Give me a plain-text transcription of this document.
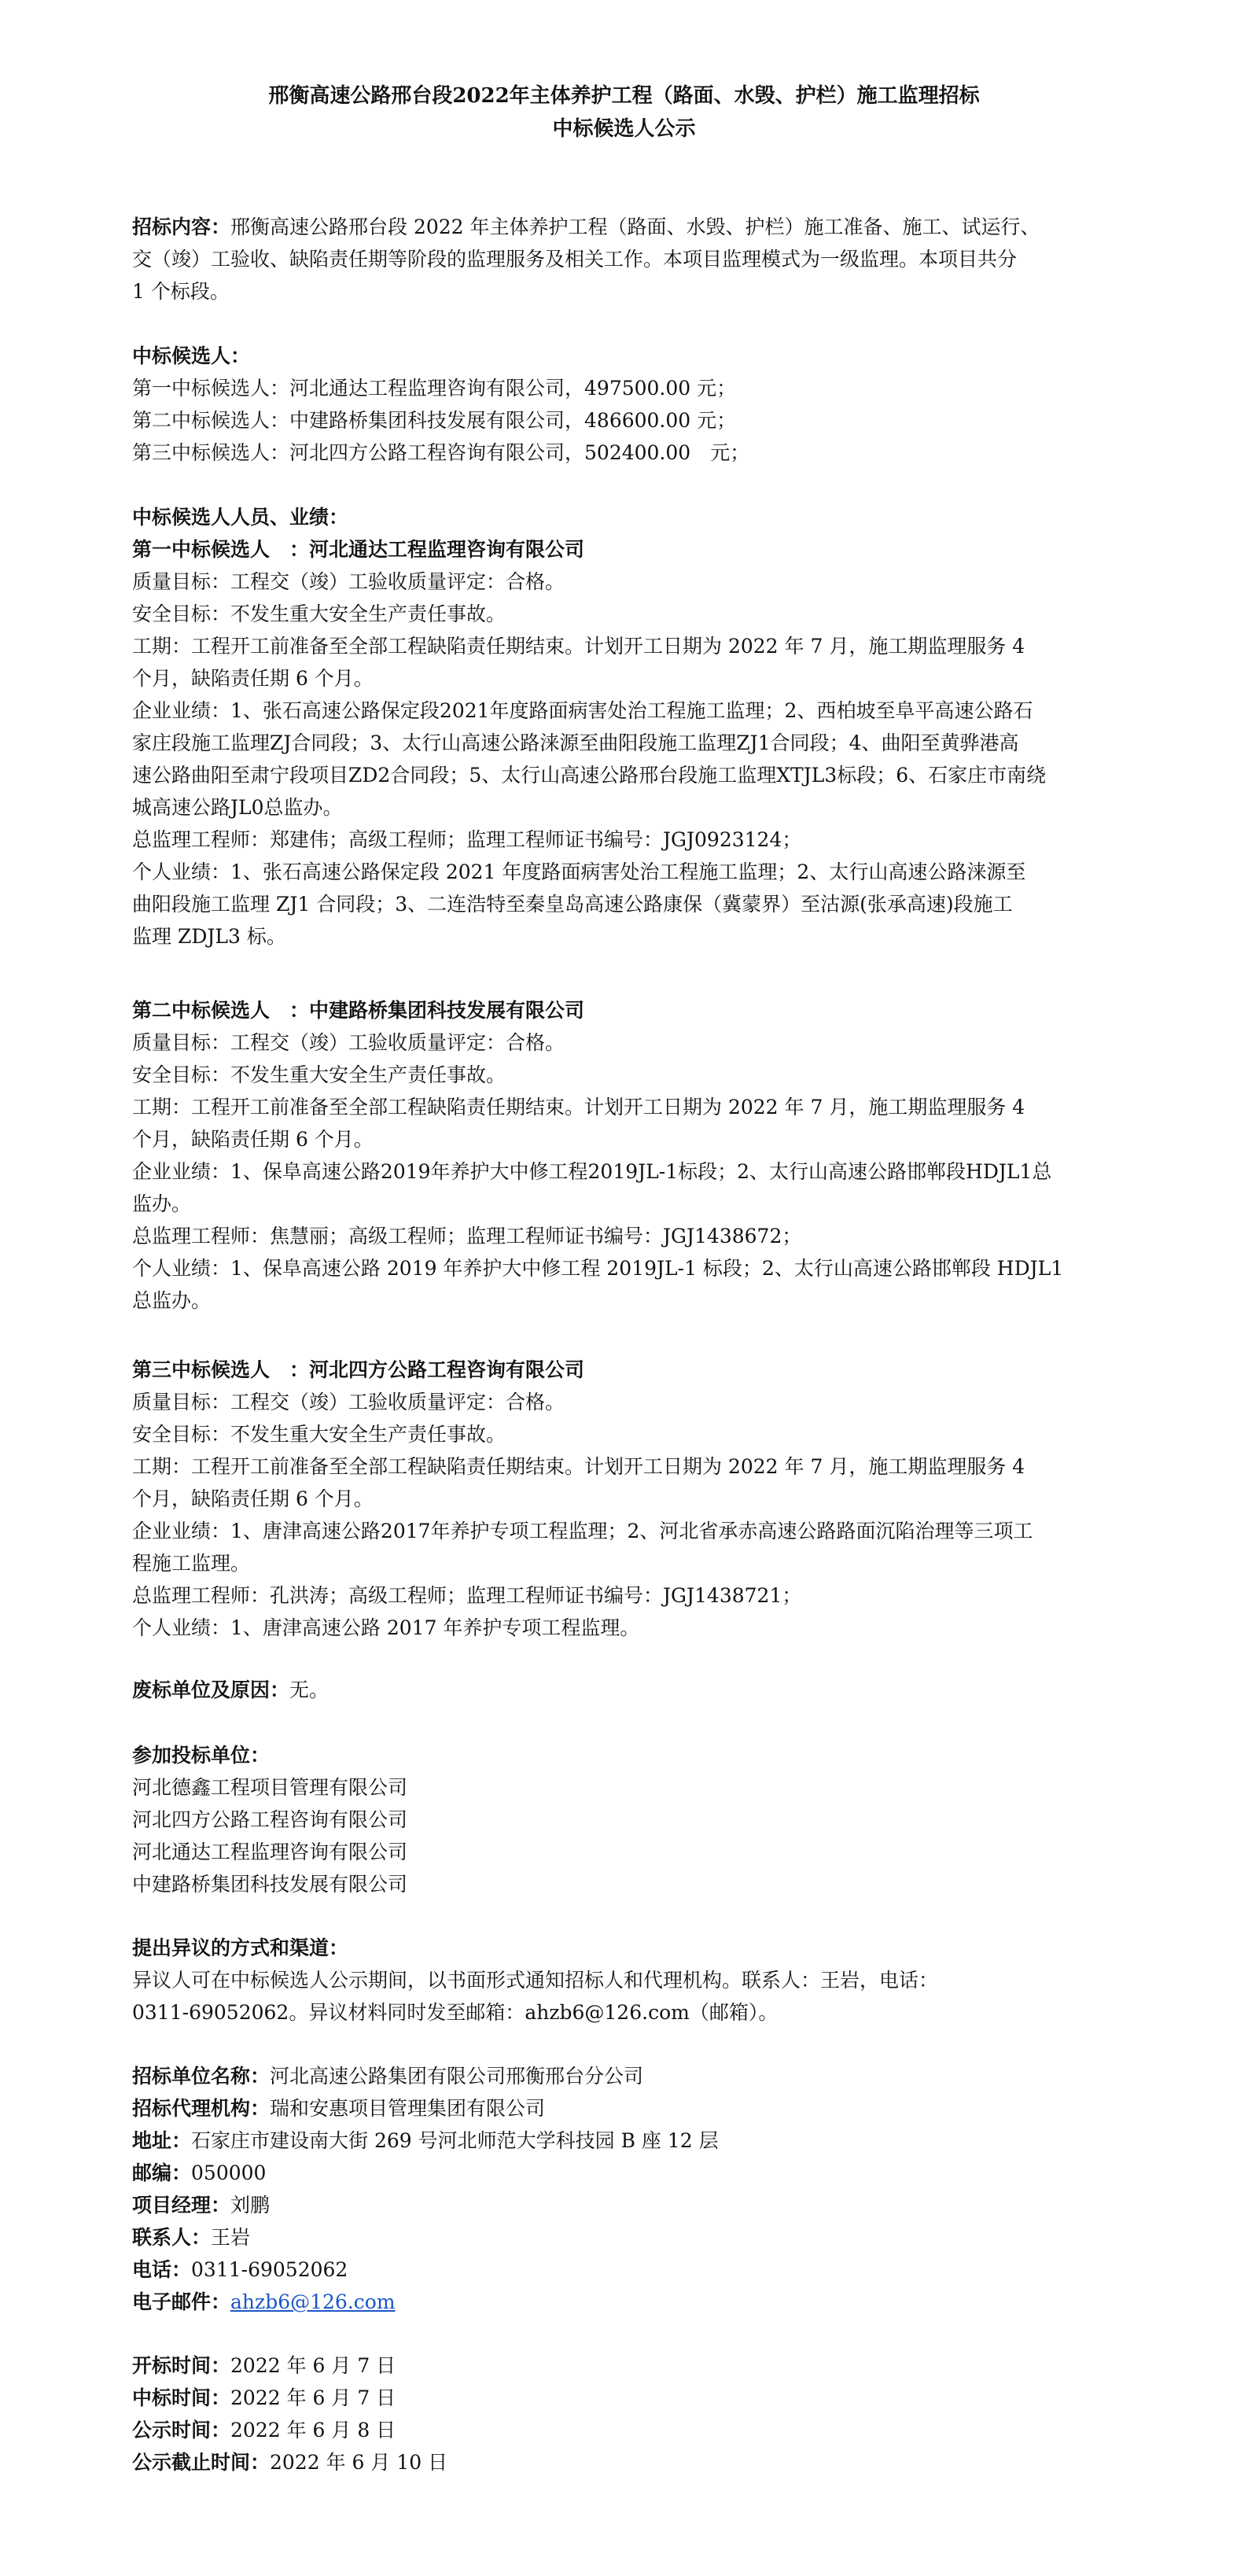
邢衡高速公路邢台段2022年主体养护工程（路面、水毁、护栏）施工监理招标
中标候选人公示
招标内容：邢衡高速公路邢台段 2022 年主体养护工程（路面、水毁、护栏）施工准备、施工、试运行、
交（竣）工验收、缺陷责任期等阶段的监理服务及相关工作。本项目监理模式为一级监理。本项目共分
1 个标段。
中标候选人：
第一中标候选人：河北通达工程监理咨询有限公司，497500.00 元；
第二中标候选人：中建路桥集团科技发展有限公司，486600.00 元；
第三中标候选人：河北四方公路工程咨询有限公司，502400.00　元；
中标候选人人员、业绩：
第一中标候选人　：河北通达工程监理咨询有限公司
质量目标：工程交（竣）工验收质量评定：合格。
安全目标：不发生重大安全生产责任事故。
工期：工程开工前准备至全部工程缺陷责任期结束。计划开工日期为 2022 年 7 月，施工期监理服务 4
个月，缺陷责任期 6 个月。
企业业绩：1、张石高速公路保定段2021年度路面病害处治工程施工监理；2、西柏坡至阜平高速公路石
家庄段施工监理ZJ合同段；3、太行山高速公路涞源至曲阳段施工监理ZJ1合同段；4、曲阳至黄骅港高
速公路曲阳至肃宁段项目ZD2合同段；5、太行山高速公路邢台段施工监理XTJL3标段；6、石家庄市南绕
城高速公路JL0总监办。
总监理工程师：郑建伟；高级工程师；监理工程师证书编号：JGJ0923124；
个人业绩：1、张石高速公路保定段 2021 年度路面病害处治工程施工监理；2、太行山高速公路涞源至
曲阳段施工监理 ZJ1 合同段；3、二连浩特至秦皇岛高速公路康保（冀蒙界）至沽源(张承高速)段施工
监理 ZDJL3 标。
第二中标候选人　：中建路桥集团科技发展有限公司
质量目标：工程交（竣）工验收质量评定：合格。
安全目标：不发生重大安全生产责任事故。
工期：工程开工前准备至全部工程缺陷责任期结束。计划开工日期为 2022 年 7 月，施工期监理服务 4
个月，缺陷责任期 6 个月。
企业业绩：1、保阜高速公路2019年养护大中修工程2019JL-1标段；2、太行山高速公路邯郸段HDJL1总
监办。
总监理工程师：焦慧丽；高级工程师；监理工程师证书编号：JGJ1438672；
个人业绩：1、保阜高速公路 2019 年养护大中修工程 2019JL-1 标段；2、太行山高速公路邯郸段 HDJL1
总监办。
第三中标候选人　：河北四方公路工程咨询有限公司
质量目标：工程交（竣）工验收质量评定：合格。
安全目标：不发生重大安全生产责任事故。
工期：工程开工前准备至全部工程缺陷责任期结束。计划开工日期为 2022 年 7 月，施工期监理服务 4
个月，缺陷责任期 6 个月。
企业业绩：1、唐津高速公路2017年养护专项工程监理；2、河北省承赤高速公路路面沉陷治理等三项工
程施工监理。
总监理工程师：孔洪涛；高级工程师；监理工程师证书编号：JGJ1438721；
个人业绩：1、唐津高速公路 2017 年养护专项工程监理。
废标单位及原因：无。
参加投标单位：
河北德鑫工程项目管理有限公司
河北四方公路工程咨询有限公司
河北通达工程监理咨询有限公司
中建路桥集团科技发展有限公司
提出异议的方式和渠道：
异议人可在中标候选人公示期间，以书面形式通知招标人和代理机构。联系人：王岩，电话：
0311-69052062。异议材料同时发至邮箱：ahzb6@126.com（邮箱）。
招标单位名称：河北高速公路集团有限公司邢衡邢台分公司
招标代理机构：瑞和安惠项目管理集团有限公司
地址：石家庄市建设南大街 269 号河北师范大学科技园 B 座 12 层
邮编：050000
项目经理：刘鹏
联系人：王岩
电话：0311-69052062
电子邮件：ahzb6@126.com
开标时间：2022 年 6 月 7 日
中标时间：2022 年 6 月 7 日
公示时间：2022 年 6 月 8 日
公示截止时间：2022 年 6 月 10 日
